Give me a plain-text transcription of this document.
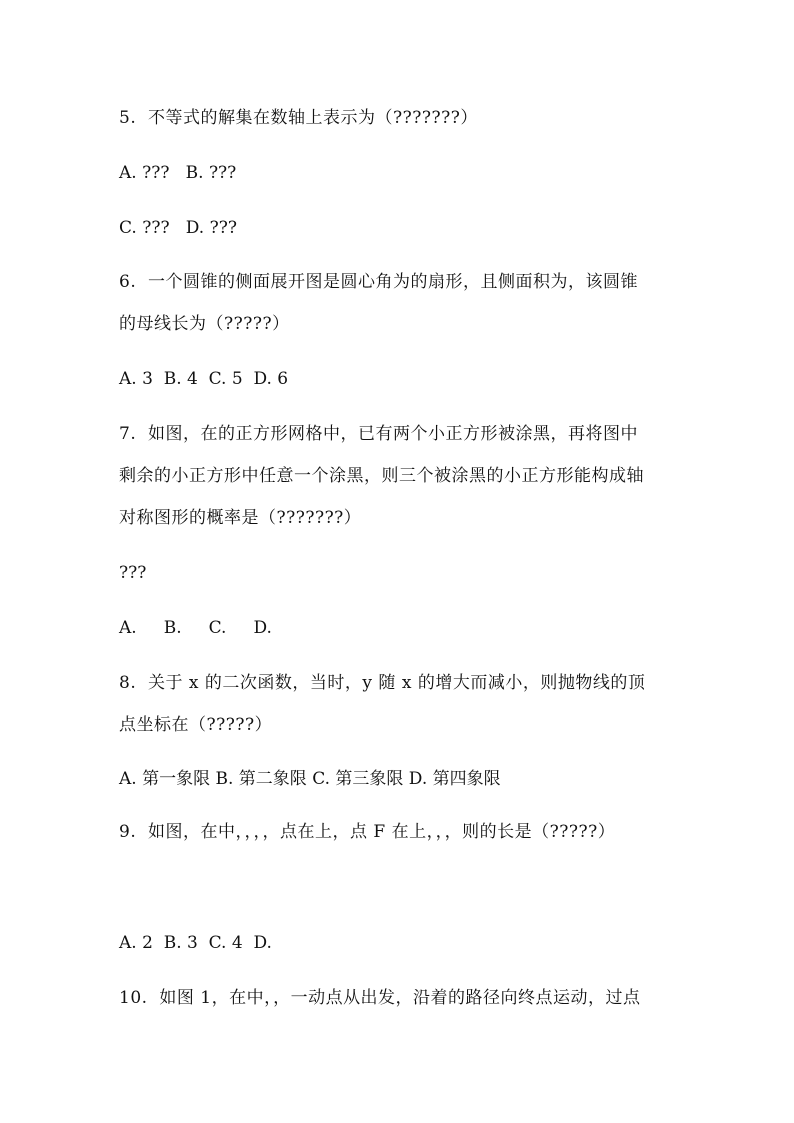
5.  不等式的解集在数轴上表示为（???????）
A. ???   B. ???
C. ???   D. ???
6.  一个圆锥的侧面展开图是圆心角为的扇形，且侧面积为，该圆锥
的母线长为（?????）
A. 3  B. 4  C. 5  D. 6
7.  如图，在的正方形网格中，已有两个小正方形被涂黑，再将图中
剩余的小正方形中任意一个涂黑，则三个被涂黑的小正方形能构成轴
对称图形的概率是（???????）
???
A.     B.     C.     D.
8.  关于 x 的二次函数，当时，y 随 x 的增大而减小，则抛物线的顶
点坐标在（?????）
A. 第一象限 B. 第二象限 C. 第三象限 D. 第四象限
9.  如图，在中，，，，点在上，点 F 在上，，，则的长是（?????）
A. 2  B. 3  C. 4  D.
10.  如图 1，在中，，一动点从出发，沿着的路径向终点运动，过点
